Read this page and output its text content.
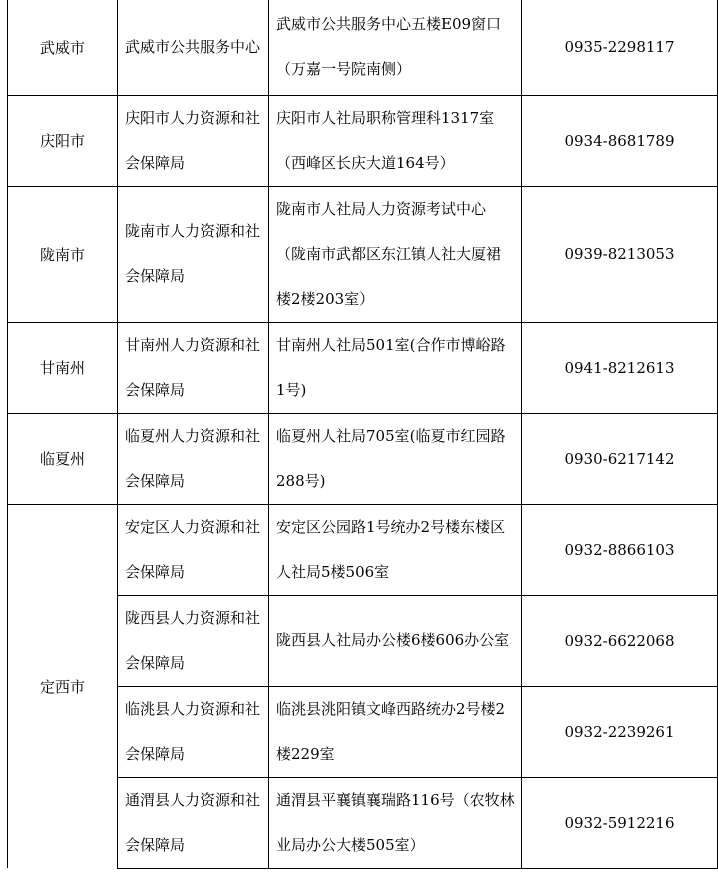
武威市	武威市公共服务中心	武威市公共服务中心五楼E09窗口（万嘉一号院南侧）	0935-2298117
庆阳市	庆阳市人力资源和社会保障局	庆阳市人社局职称管理科1317室（西峰区长庆大道164号）	0934-8681789
陇南市	陇南市人力资源和社会保障局	陇南市人社局人力资源考试中心（陇南市武都区东江镇人社大厦裙楼2楼203室）	0939-8213053
甘南州	甘南州人力资源和社会保障局	甘南州人社局501室(合作市博峪路1号)	0941-8212613
临夏州	临夏州人力资源和社会保障局	临夏州人社局705室(临夏市红园路288号)	0930-6217142
定西市	安定区人力资源和社会保障局	安定区公园路1号统办2号楼东楼区人社局5楼506室	0932-8866103

	陇西县人力资源和社会保障局	陇西县人社局办公楼6楼606办公室	0932-6622068

	临洮县人力资源和社会保障局	临洮县洮阳镇文峰西路统办2号楼2楼229室	0932-2239261

	通渭县人力资源和社会保障局	通渭县平襄镇襄瑞路116号（农牧林业局办公大楼505室）	0932-5912216
